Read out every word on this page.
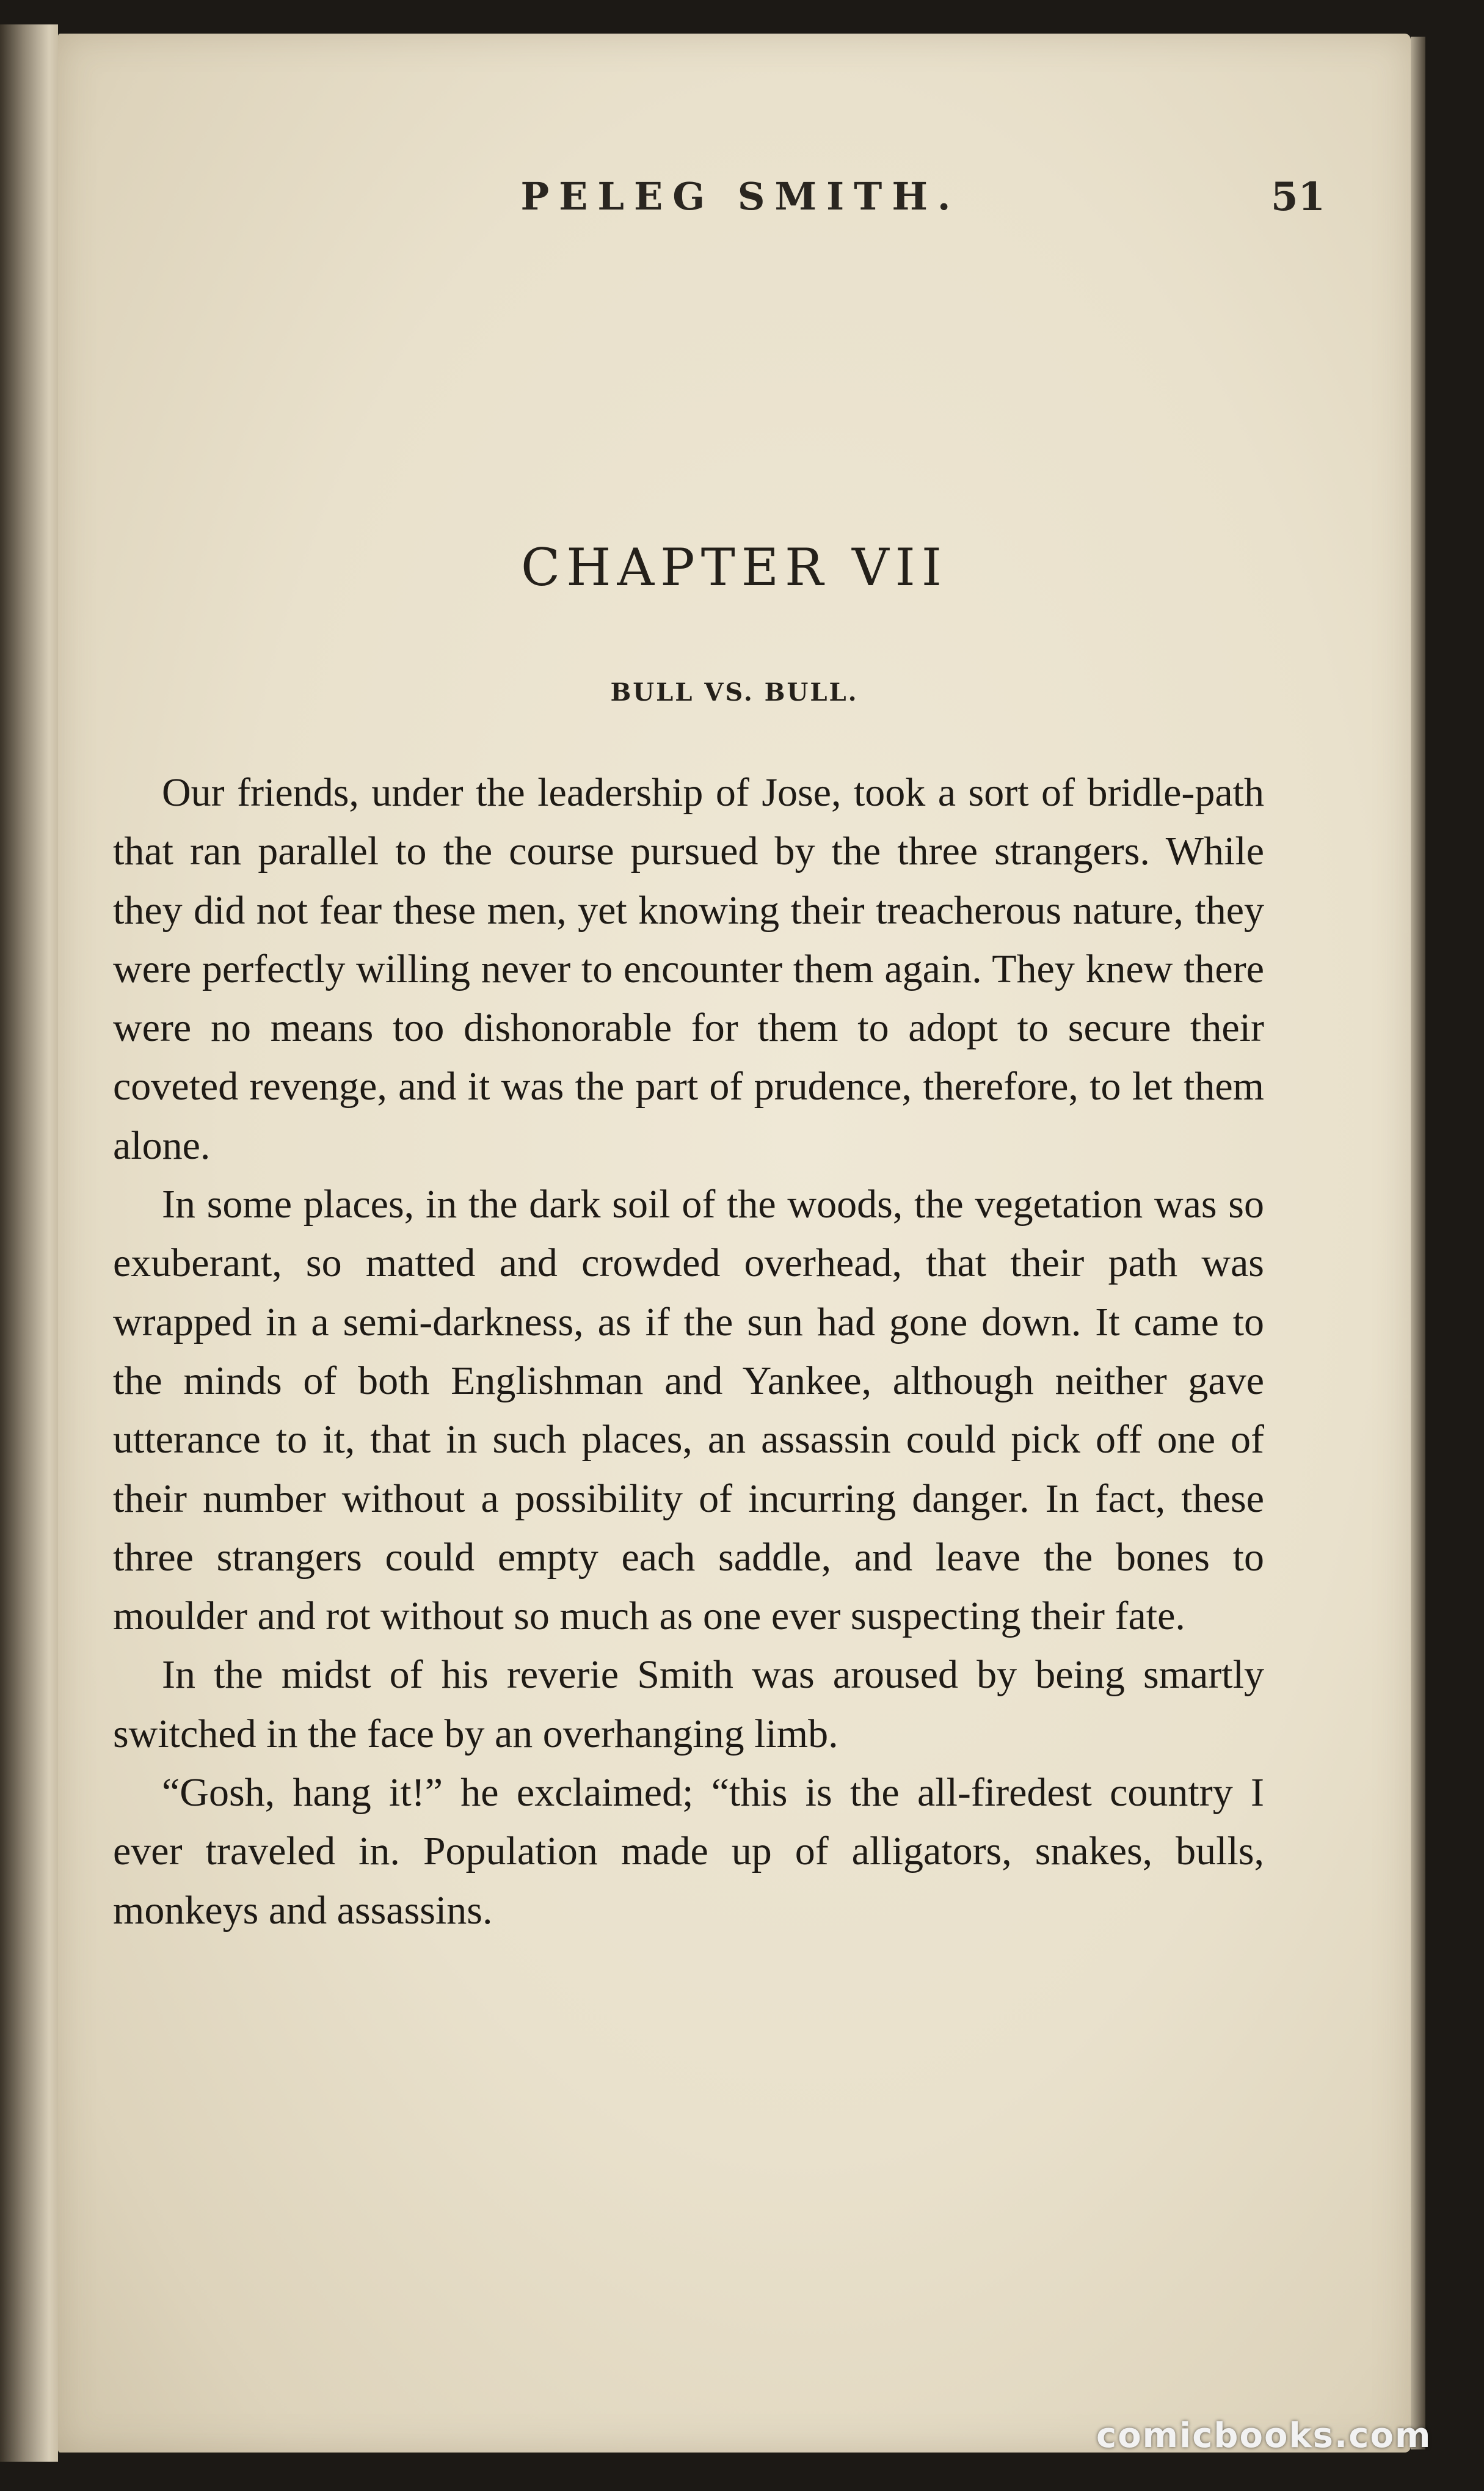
PELEG SMITH.	51
CHAPTER VII
BULL VS. BULL.

Our friends, under the leadership of Jose, took a sort of bridle-path that ran parallel to the course pursued by the three strangers. While they did not fear these men, yet knowing their treacherous nature, they were perfectly willing never to encounter them again. They knew there were no means too dishonorable for them to adopt to secure their coveted revenge, and it was the part of prudence, therefore, to let them alone.

In some places, in the dark soil of the woods, the vegetation was so exuberant, so matted and crowded overhead, that their path was wrapped in a semi-darkness, as if the sun had gone down. It came to the minds of both Englishman and Yankee, although neither gave utterance to it, that in such places, an assassin could pick off one of their number without a possibility of incurring danger. In fact, these three strangers could empty each saddle, and leave the bones to moulder and rot without so much as one ever suspecting their fate.

In the midst of his reverie Smith was aroused by being smartly switched in the face by an overhanging limb.

“Gosh, hang it!” he exclaimed; “this is the all-firedest country I ever traveled in. Population made up of alligators, snakes, bulls, monkeys and assassins.

comicbooks.com
